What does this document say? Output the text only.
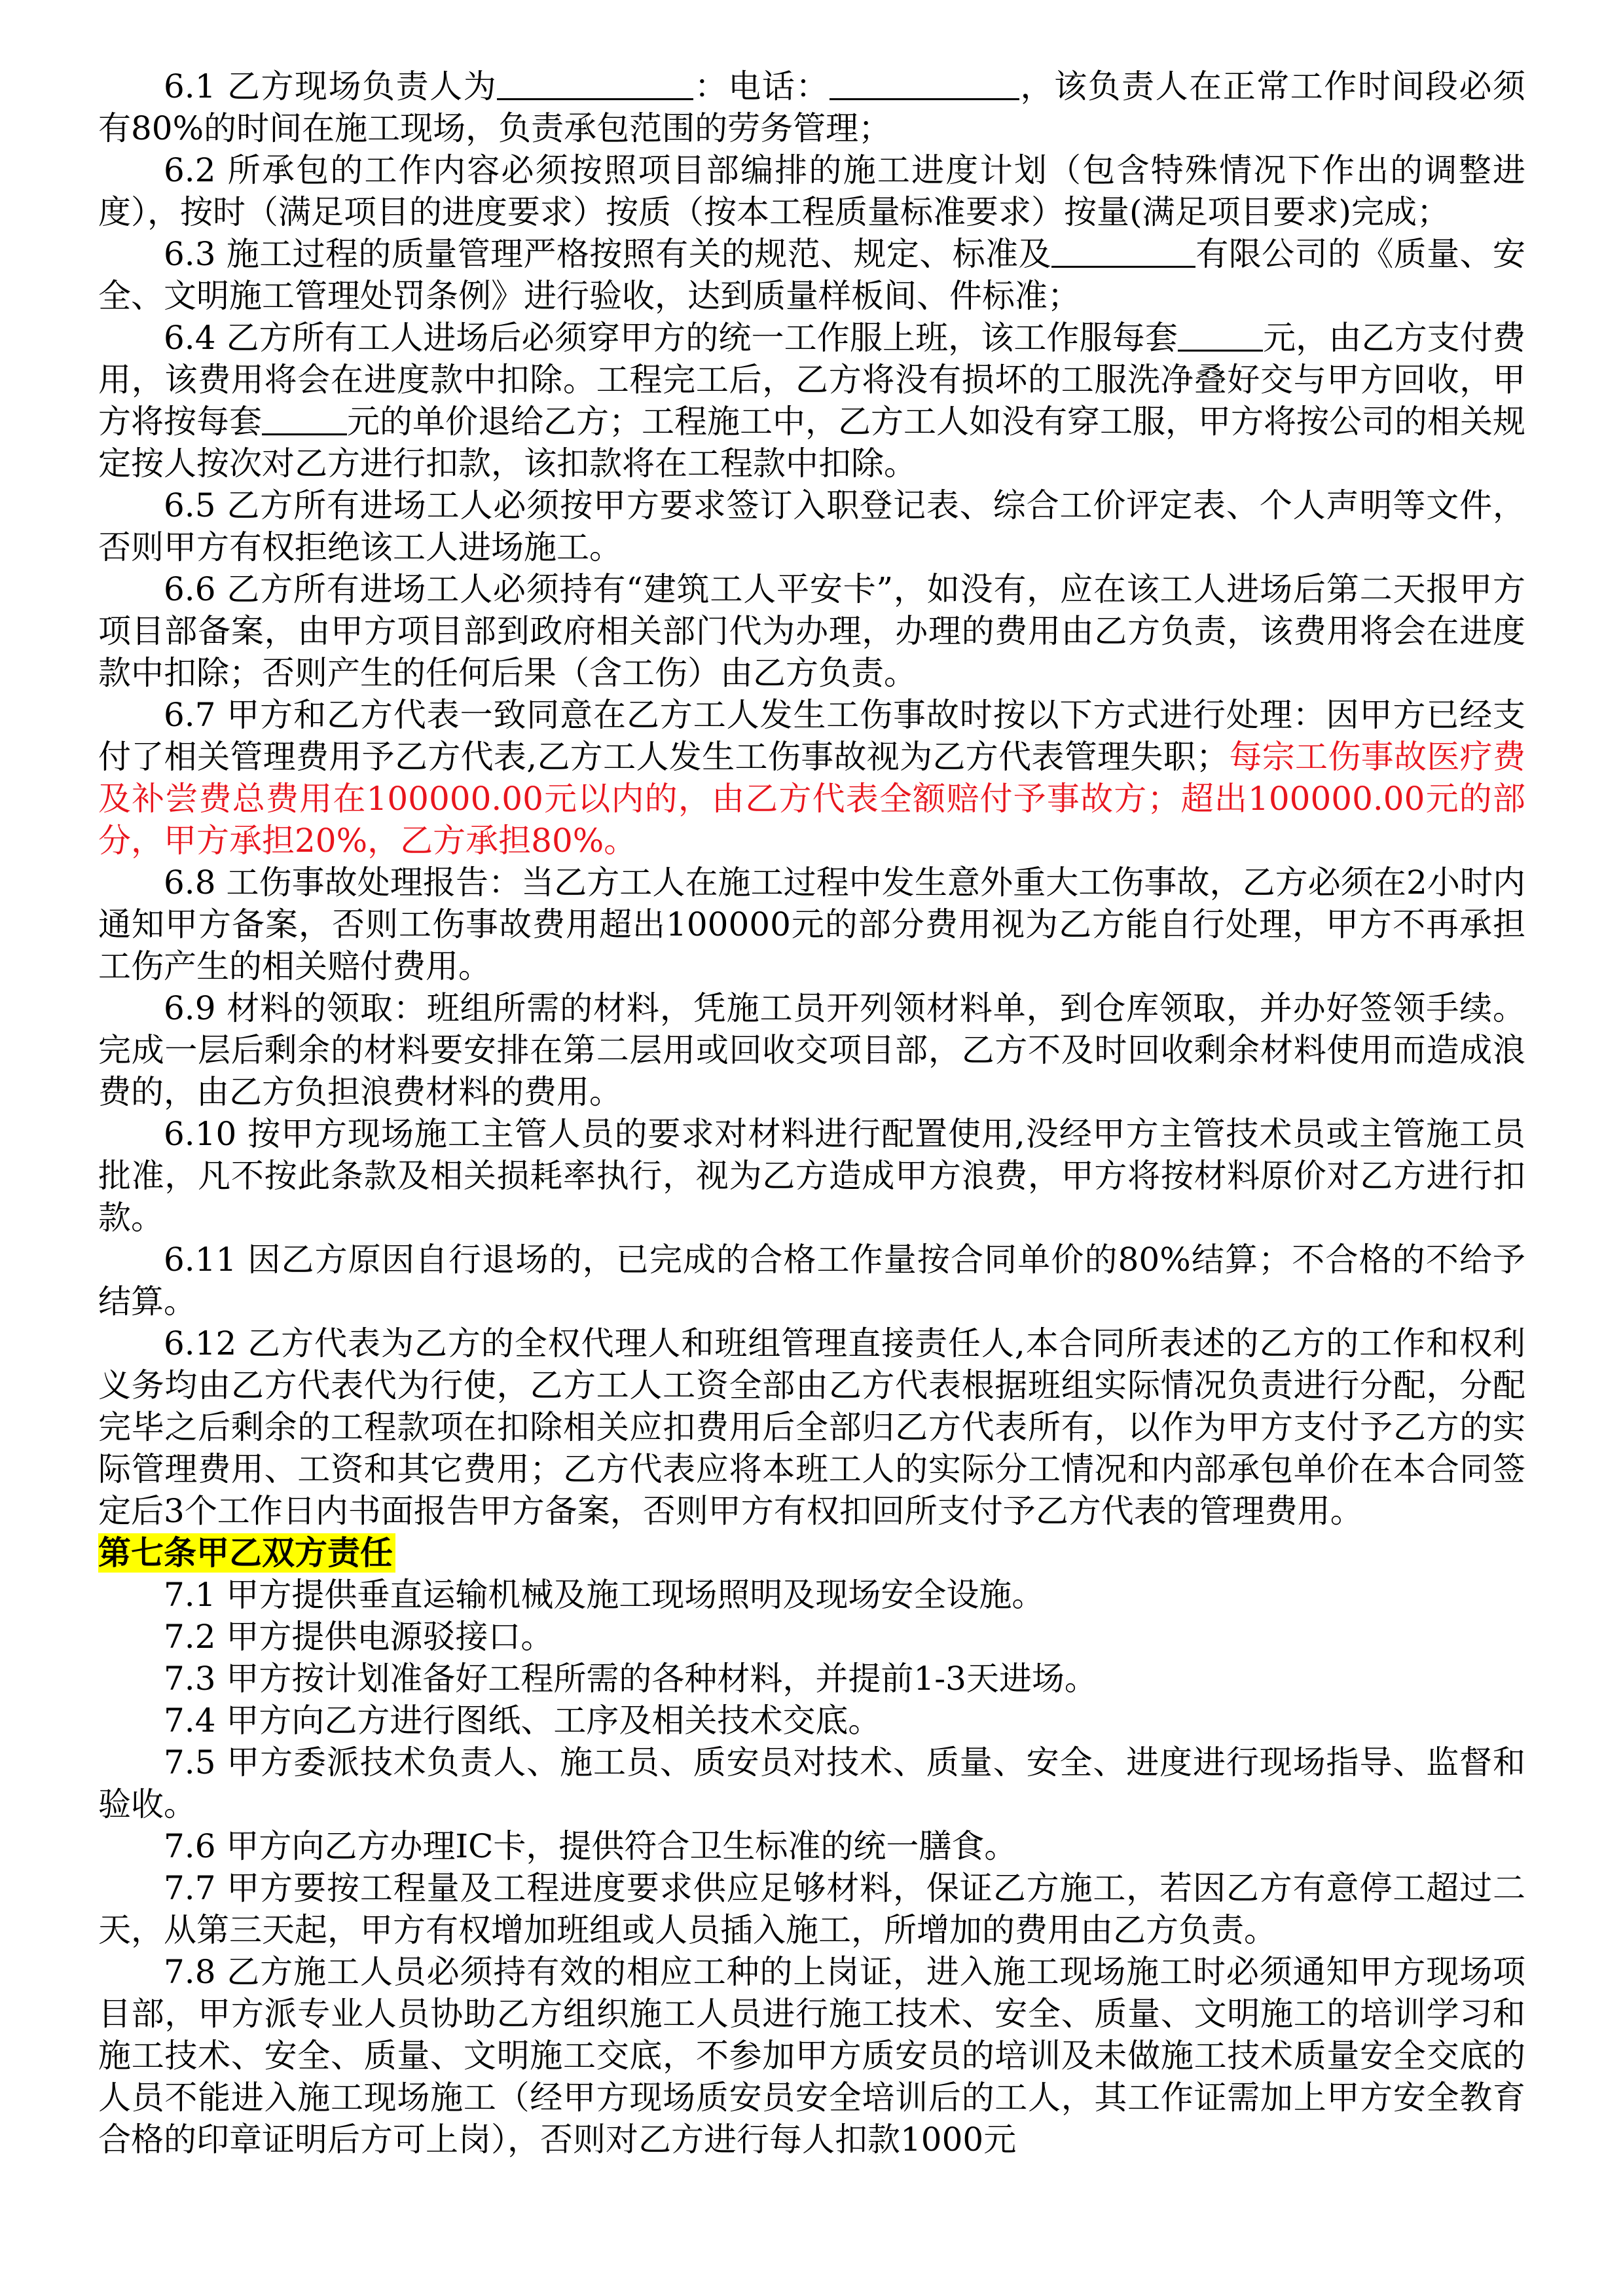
6.1 乙方现场负责人为	：电话：	，该负责人在正常工作时间段必须有80%的时间在施工现场，负责承包范围的劳务管理；

6.2 所承包的工作内容必须按照项目部编排的施工进度计划（包含特殊情况下作出的调整进度），按时（满足项目的进度要求）按质（按本工程质量标准要求）按量(满足项目要求)完成；

6.3 施工过程的质量管理严格按照有关的规范、规定、标准及	有限公司的《质量、安全、文明施工管理处罚条例》进行验收，达到质量样板间、件标准；

6.4 乙方所有工人进场后必须穿甲方的统一工作服上班，该工作服每套	元，由乙方支付费用，该费用将会在进度款中扣除。工程完工后，乙方将没有损坏的工服洗净叠好交与甲方回收，甲方将按每套	元的单价退给乙方；工程施工中，乙方工人如没有穿工服，甲方将按公司的相关规定按人按次对乙方进行扣款，该扣款将在工程款中扣除。

6.5 乙方所有进场工人必须按甲方要求签订入职登记表、综合工价评定表、个人声明等文件，否则甲方有权拒绝该工人进场施工。

6.6 乙方所有进场工人必须持有“建筑工人平安卡”，如没有，应在该工人进场后第二天报甲方项目部备案，由甲方项目部到政府相关部门代为办理，办理的费用由乙方负责，该费用将会在进度款中扣除；否则产生的任何后果（含工伤）由乙方负责。

6.7 甲方和乙方代表一致同意在乙方工人发生工伤事故时按以下方式进行处理：因甲方已经支付了相关管理费用予乙方代表,乙方工人发生工伤事故视为乙方代表管理失职；每宗工伤事故医疗费及补尝费总费用在100000.00元以内的，由乙方代表全额赔付予事故方；超出100000.00元的部分，甲方承担20%，乙方承担80%。

6.8 工伤事故处理报告：当乙方工人在施工过程中发生意外重大工伤事故，乙方必须在2小时内通知甲方备案，否则工伤事故费用超出100000元的部分费用视为乙方能自行处理，甲方不再承担工伤产生的相关赔付费用。

6.9 材料的领取：班组所需的材料，凭施工员开列领材料单，到仓库领取，并办好签领手续。完成一层后剩余的材料要安排在第二层用或回收交项目部，乙方不及时回收剩余材料使用而造成浪费的，由乙方负担浪费材料的费用。

6.10 按甲方现场施工主管人员的要求对材料进行配置使用,没经甲方主管技术员或主管施工员批准，凡不按此条款及相关损耗率执行，视为乙方造成甲方浪费，甲方将按材料原价对乙方进行扣款。

6.11 因乙方原因自行退场的，已完成的合格工作量按合同单价的80%结算；不合格的不给予结算。

6.12 乙方代表为乙方的全权代理人和班组管理直接责任人,本合同所表述的乙方的工作和权利义务均由乙方代表代为行使，乙方工人工资全部由乙方代表根据班组实际情况负责进行分配，分配完毕之后剩余的工程款项在扣除相关应扣费用后全部归乙方代表所有，以作为甲方支付予乙方的实际管理费用、工资和其它费用；乙方代表应将本班工人的实际分工情况和内部承包单价在本合同签定后3个工作日内书面报告甲方备案，否则甲方有权扣回所支付予乙方代表的管理费用。

第七条甲乙双方责任

7.1 甲方提供垂直运输机械及施工现场照明及现场安全设施。

7.2 甲方提供电源驳接口。

7.3 甲方按计划准备好工程所需的各种材料，并提前1-3天进场。

7.4 甲方向乙方进行图纸、工序及相关技术交底。

7.5 甲方委派技术负责人、施工员、质安员对技术、质量、安全、进度进行现场指导、监督和验收。

7.6 甲方向乙方办理IC卡，提供符合卫生标准的统一膳食。

7.7 甲方要按工程量及工程进度要求供应足够材料，保证乙方施工，若因乙方有意停工超过二天，从第三天起，甲方有权增加班组或人员插入施工，所增加的费用由乙方负责。

7.8 乙方施工人员必须持有效的相应工种的上岗证，进入施工现场施工时必须通知甲方现场项目部，甲方派专业人员协助乙方组织施工人员进行施工技术、安全、质量、文明施工的培训学习和施工技术、安全、质量、文明施工交底，不参加甲方质安员的培训及未做施工技术质量安全交底的人员不能进入施工现场施工（经甲方现场质安员安全培训后的工人，其工作证需加上甲方安全教育合格的印章证明后方可上岗），否则对乙方进行每人扣款1000元
